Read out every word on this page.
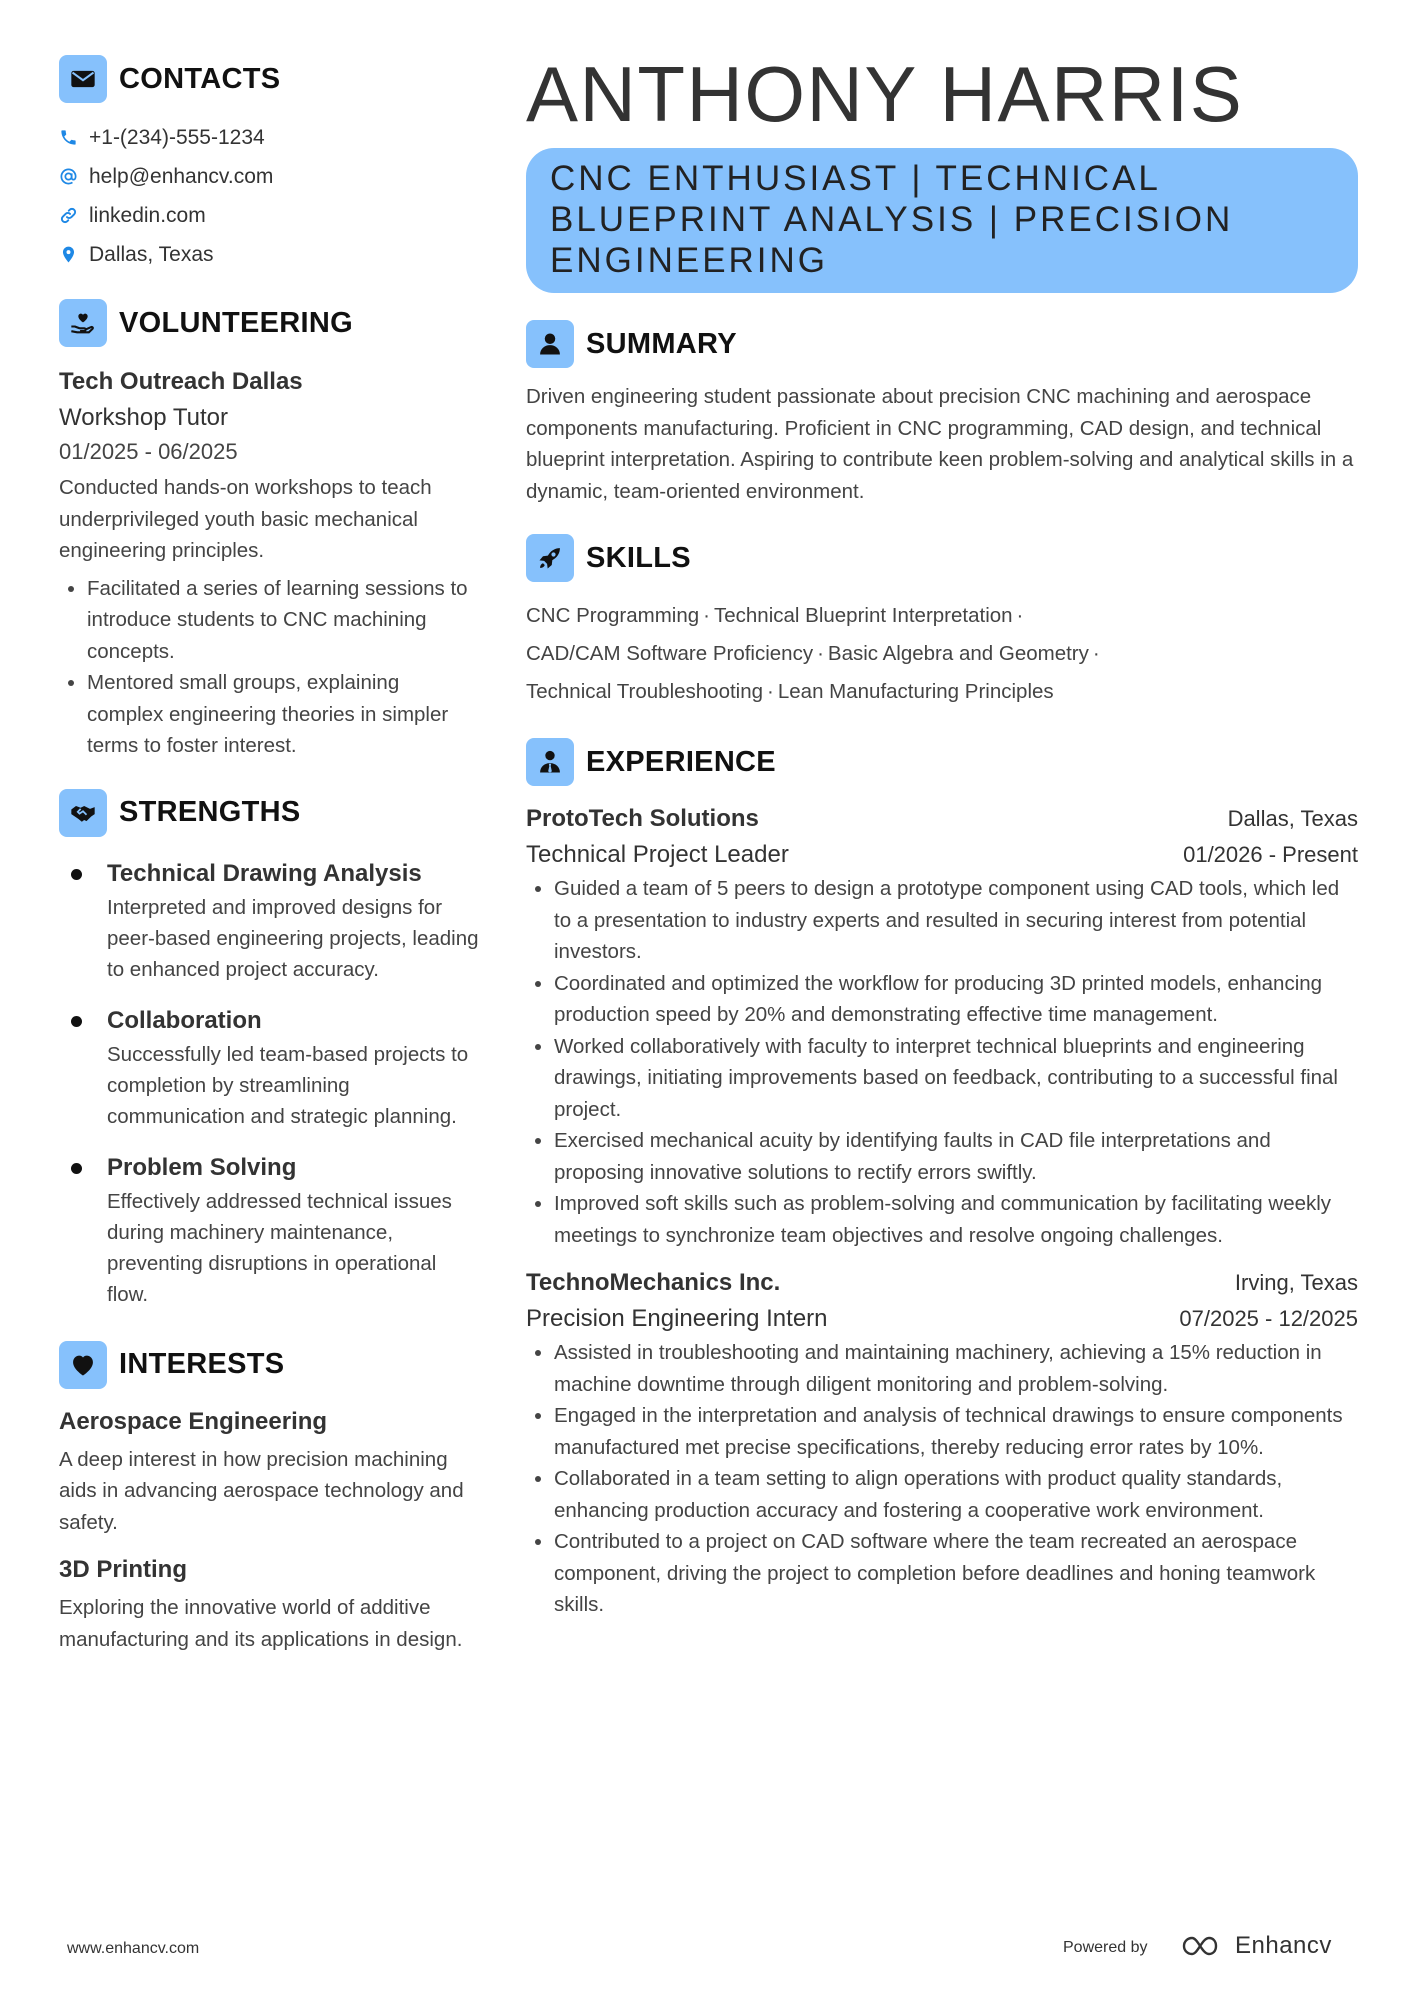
CONTACTS
+1-(234)-555-1234
help@enhancv.com
linkedin.com
Dallas, Texas
VOLUNTEERING
Tech Outreach Dallas
Workshop Tutor
01/2025 - 06/2025

Conducted hands-on workshops to teach underprivileged youth basic mechanical engineering principles.

Facilitated a series of learning sessions to introduce students to CNC machining concepts.
Mentored small groups, explaining complex engineering theories in simpler terms to foster interest.
STRENGTHS
Technical Drawing Analysis
Interpreted and improved designs for peer-based engineering projects, leading to enhanced project accuracy.
Collaboration
Successfully led team-based projects to completion by streamlining communication and strategic planning.
Problem Solving
Effectively addressed technical issues during machinery maintenance, preventing disruptions in operational flow.
INTERESTS
Aerospace Engineering

A deep interest in how precision machining aids in advancing aerospace technology and safety.

3D Printing

Exploring the innovative world of additive manufacturing and its applications in design.

ANTHONY HARRIS
CNC ENTHUSIAST | TECHNICAL BLUEPRINT ANALYSIS | PRECISION ENGINEERING
SUMMARY

Driven engineering student passionate about precision CNC machining and aerospace components manufacturing. Proficient in CNC programming, CAD design, and technical blueprint interpretation. Aspiring to contribute keen problem-solving and analytical skills in a dynamic, team-oriented environment.

SKILLS
CNC Programming · Technical Blueprint Interpretation ·
CAD/CAM Software Proficiency · Basic Algebra and Geometry ·
Technical Troubleshooting · Lean Manufacturing Principles
EXPERIENCE
ProtoTech Solutions	Dallas, Texas
Technical Project Leader	01/2026 - Present
Guided a team of 5 peers to design a prototype component using CAD tools, which led to a presentation to industry experts and resulted in securing interest from potential investors.
Coordinated and optimized the workflow for producing 3D printed models, enhancing production speed by 20% and demonstrating effective time management.
Worked collaboratively with faculty to interpret technical blueprints and engineering drawings, initiating improvements based on feedback, contributing to a successful final project.
Exercised mechanical acuity by identifying faults in CAD file interpretations and proposing innovative solutions to rectify errors swiftly.
Improved soft skills such as problem-solving and communication by facilitating weekly meetings to synchronize team objectives and resolve ongoing challenges.
TechnoMechanics Inc.	Irving, Texas
Precision Engineering Intern	07/2025 - 12/2025
Assisted in troubleshooting and maintaining machinery, achieving a 15% reduction in machine downtime through diligent monitoring and problem-solving.
Engaged in the interpretation and analysis of technical drawings to ensure components manufactured met precise specifications, thereby reducing error rates by 10%.
Collaborated in a team setting to align operations with product quality standards, enhancing production accuracy and fostering a cooperative work environment.
Contributed to a project on CAD software where the team recreated an aerospace component, driving the project to completion before deadlines and honing teamwork skills.
www.enhancv.com	Powered by	Enhancv
